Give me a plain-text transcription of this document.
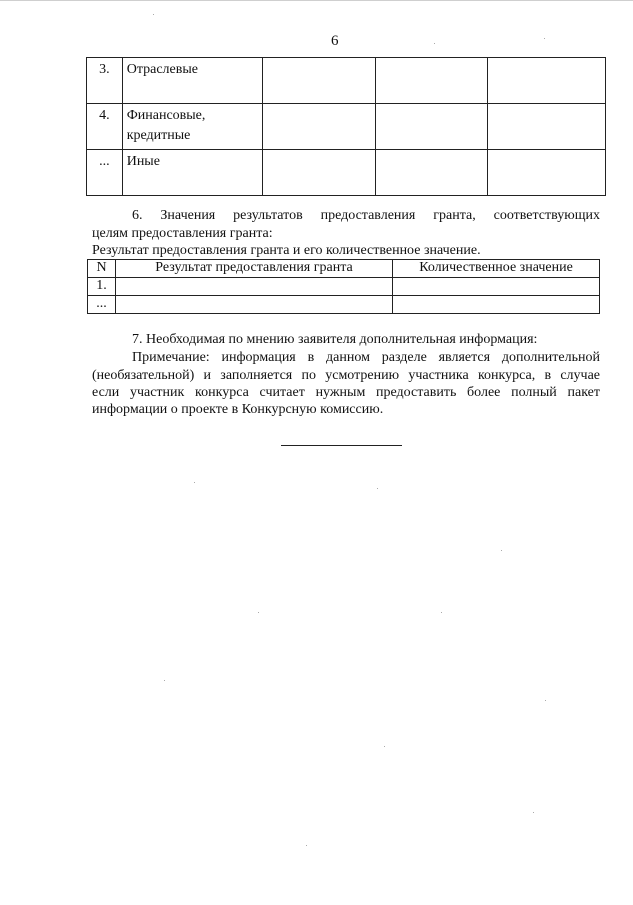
6
3.	Отраслевые			
4.	Финансовые, кредитные			
...	Иные			
6. Значения результатов предоставления гранта, соответствующих
целям предоставления гранта:
Результат предоставления гранта и его количественное значение.
N	Результат предоставления гранта	Количественное значение
1.		
...		
7. Необходимая по мнению заявителя дополнительная информация:
Примечание: информация в данном разделе является дополнительной
(необязательной) и заполняется по усмотрению участника конкурса, в случае
если участник конкурса считает нужным предоставить более полный пакет
информации о проекте в Конкурсную комиссию.
